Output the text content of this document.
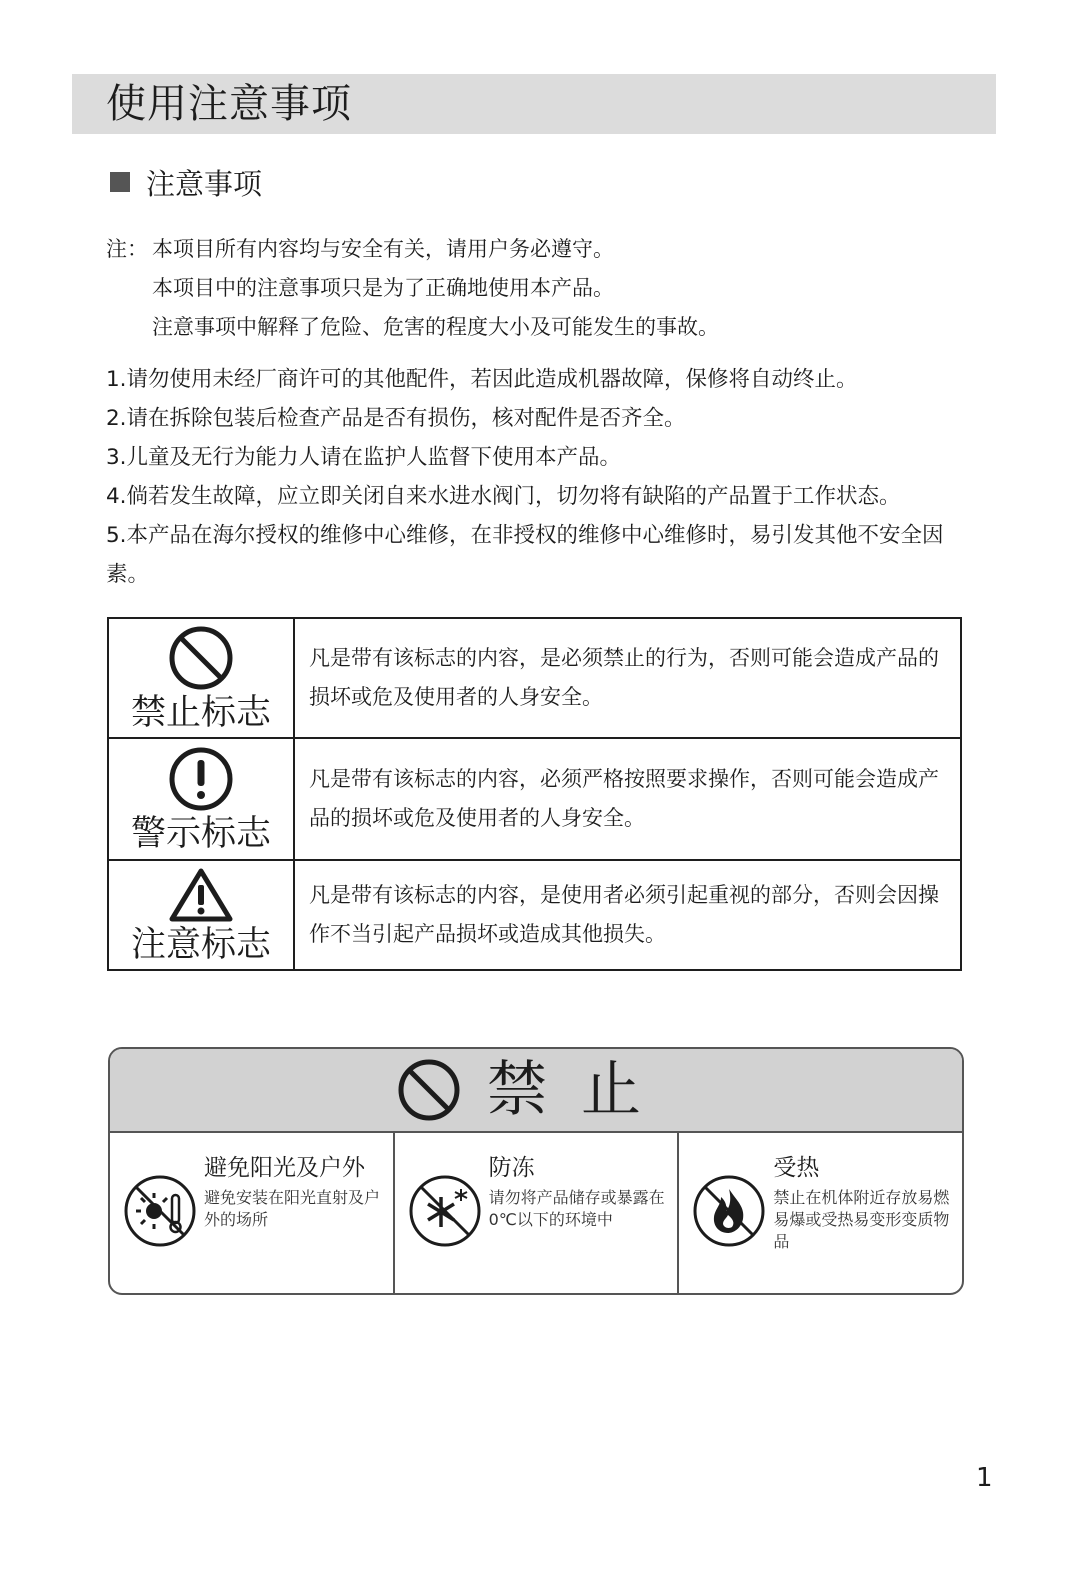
使用注意事项
注意事项
注： 本项目所有内容均与安全有关，请用户务必遵守。
本项目中的注意事项只是为了正确地使用本产品。
注意事项中解释了危险、危害的程度大小及可能发生的事故。

1.请勿使用未经厂商许可的其他配件，若因此造成机器故障，保修将自动终止。

2.请在拆除包装后检查产品是否有损伤，核对配件是否齐全。

3.儿童及无行为能力人请在监护人监督下使用本产品。

4.倘若发生故障，应立即关闭自来水进水阀门，切勿将有缺陷的产品置于工作状态。

5.本产品在海尔授权的维修中心维修，在非授权的维修中心维修时，易引发其他不安全因素。

禁止标志	凡是带有该标志的内容，是必须禁止的行为，否则可能会造成产品的损坏或危及使用者的人身安全。

警示标志	凡是带有该标志的内容，必须严格按照要求操作，否则可能会造成产品的损坏或危及使用者的人身安全。

注意标志	凡是带有该标志的内容，是使用者必须引起重视的部分，否则会因操作不当引起产品损坏或造成其他损失。
禁止
避免阳光及户外
避免安装在阳光直射及户外的场所
防冻
请勿将产品储存或暴露在0℃以下的环境中
受热
禁止在机体附近存放易燃易爆或受热易变形变质物品
1
